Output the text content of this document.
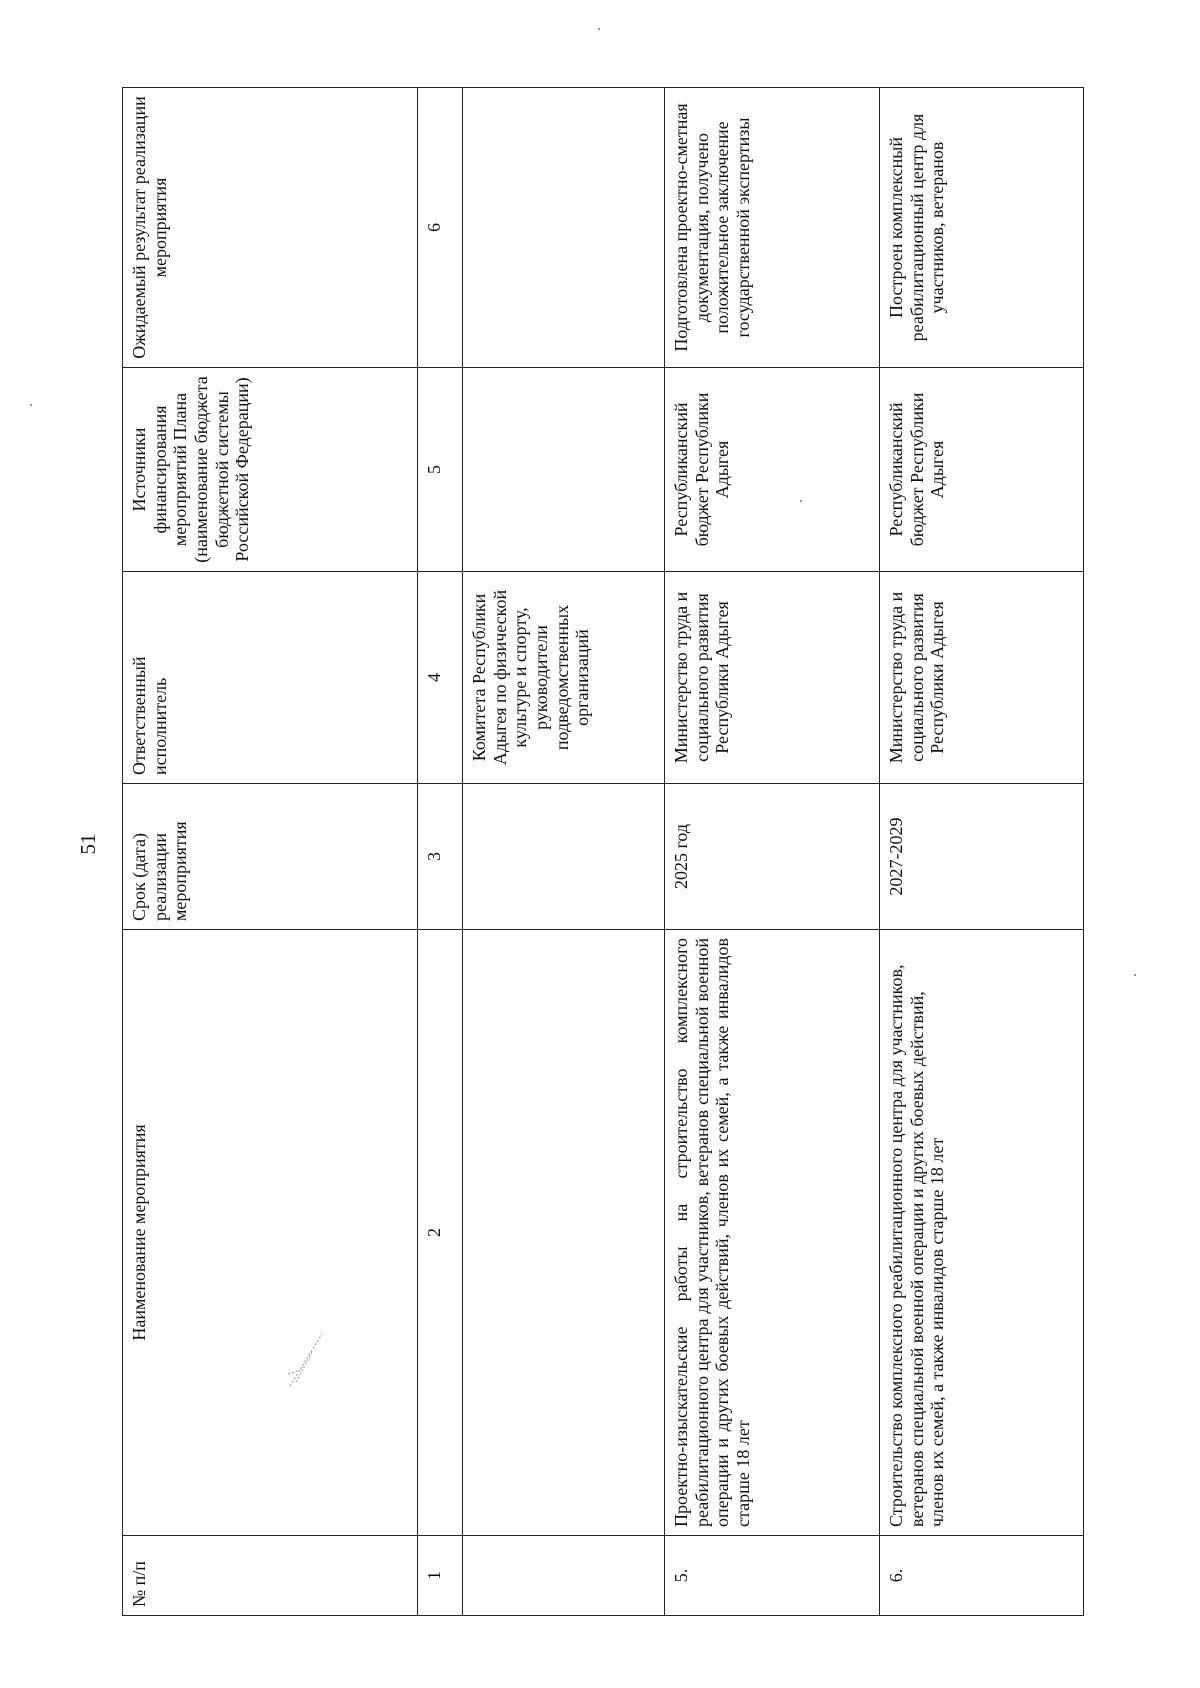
51
№ п/п	Наименование мероприятия	Срок (дата) реализации мероприятия	Ответственный исполнитель	Источники финансирования мероприятий Плана (наименование бюджета бюджетной системы Российской Федерации)	Ожидаемый результат реализации мероприятия
1	2	3	4	5	6
			Комитета Республики Адыгея по физической культуре и спорту, руководители подведомственных организаций		
5.	Проектно-изыскательские работы на строительство комплексного реабилитационного центра для участников, ветеранов специальной военной операции и других боевых действий, членов их семей, а также инвалидов старше 18 лет	2025 год	Министерство труда и социального развития Республики Адыгея	Республиканский бюджет Республики Адыгея	Подготовлена проектно-сметная документация, получено положительное заключение государственной экспертизы
6.	Строительство комплексного реабилитационного центра для участников, ветеранов специальной военной операции и других боевых действий, членов их семей, а также инвалидов старше 18 лет	2027-2029	Министерство труда и социального развития Республики Адыгея	Республиканский бюджет Республики Адыгея	Построен комплексный реабилитационный центр для участников, ветеранов
